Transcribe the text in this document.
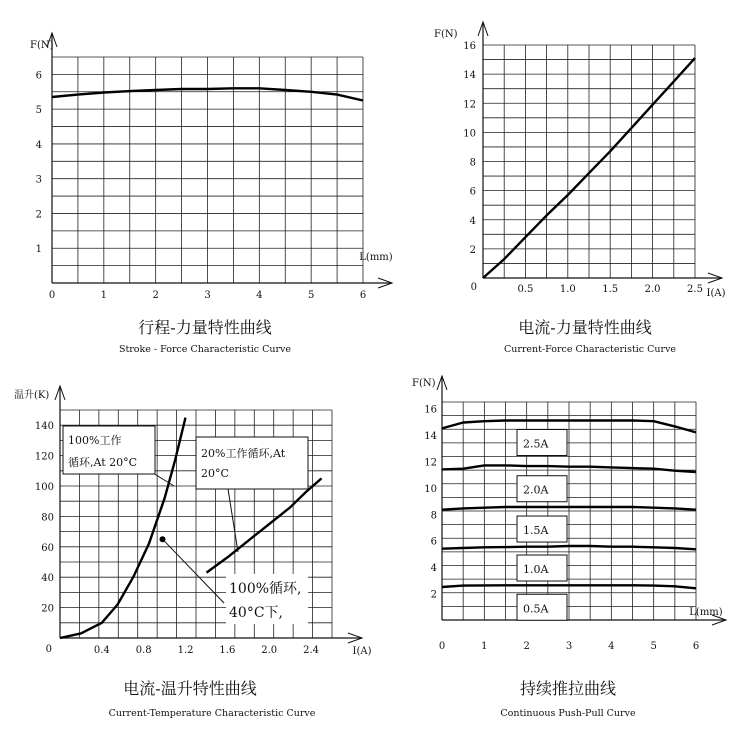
F(N)
L(mm)
0	1	2	3	4	5	6
1
2
3
4
5
6
F(N)
I(A)
0.5	1.0	1.5	2.0	2.5
2
4
6
8
10
12
14
16
0
温升(K)
I(A)
0.4	0.8	1.2	1.6	2.0	2.4
20
40
60
80
100
120
140
0
F(N)
L(mm)
0	1	2	3	4	5	6
2
4
6
8
10
12
14
16
2.5A
2.0A
1.5A
1.0A
0.5A
行程-力量特性曲线
Stroke - Force Characteristic Curve
电流-力量特性曲线
Current-Force Characteristic Curve
电流-温升特性曲线
Current-Temperature Characteristic Curve
持续推拉曲线
Continuous Push-Pull Curve
100%工作
循环,At 20°C
20%工作循环,At
20°C
100%循环,
40°C下,
